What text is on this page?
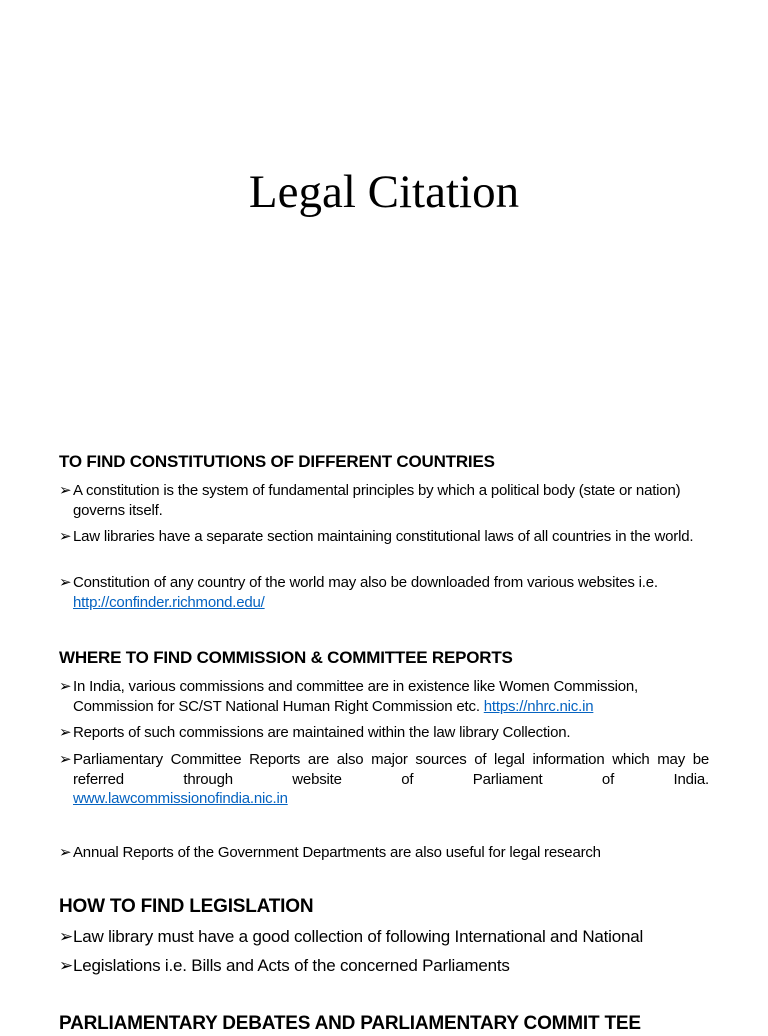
Legal Citation
TO FIND CONSTITUTIONS OF DIFFERENT COUNTRIES
➢ A constitution is the system of fundamental principles by which a political body (state or nation) governs itself.
➢ Law libraries have a separate section maintaining constitutional laws of all countries in the world.
➢ Constitution of any country of the world may also be downloaded from various websites i.e. http://confinder.richmond.edu/
WHERE TO FIND COMMISSION & COMMITTEE REPORTS
➢ In India, various commissions and committee are in existence like Women Commission, Commission for SC/ST National Human Right Commission etc. https://nhrc.nic.in
➢ Reports of such commissions are maintained within the law library Collection.
➢ Parliamentary Committee Reports are also major sources of legal information which may be referred through website of Parliament of India.
www.lawcommissionofindia.nic.in
➢ Annual Reports of the Government Departments are also useful for legal research
HOW TO FIND LEGISLATION
➢ Law library must have a good collection of following International and National
➢ Legislations i.e. Bills and Acts of the concerned Parliaments
PARLIAMENTARY DEBATES AND PARLIAMENTARY COMMIT TEE
